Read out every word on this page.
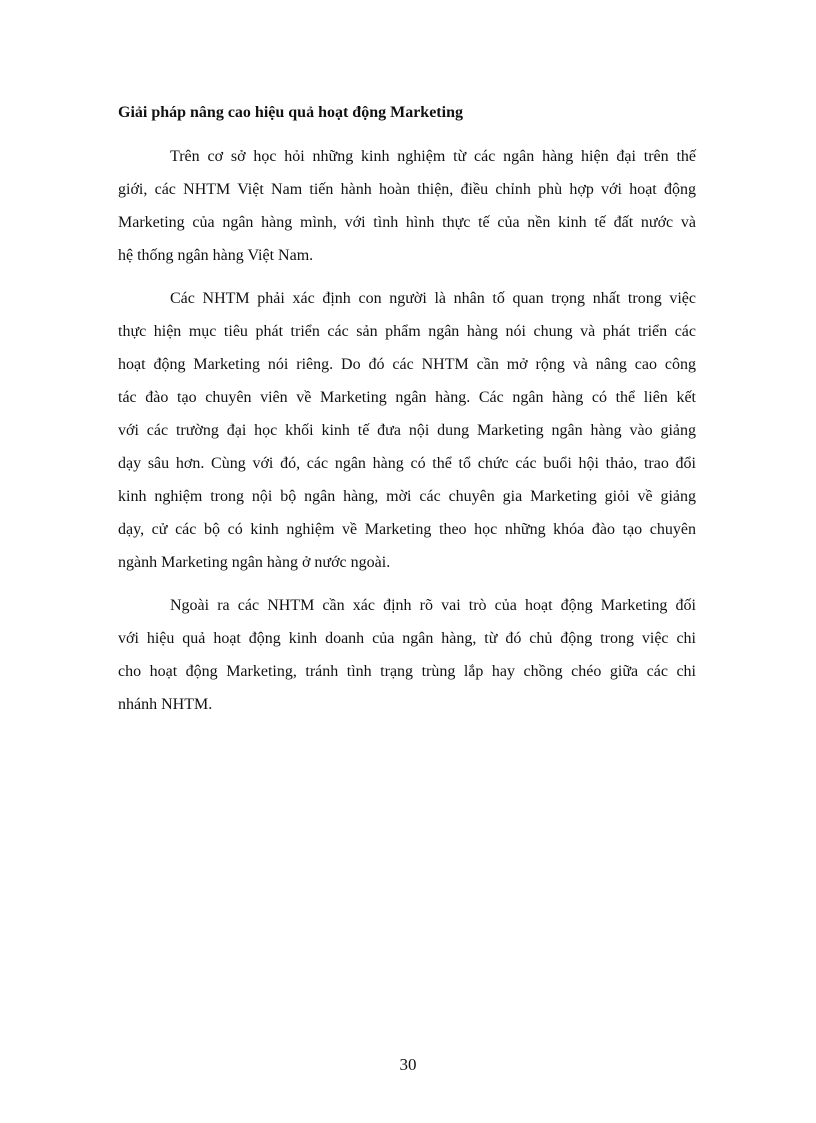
Giải pháp nâng cao hiệu quả hoạt động Marketing

Trên cơ sở học hỏi những kinh nghiệm từ các ngân hàng hiện đại trên thế
giới, các NHTM Việt Nam tiến hành hoàn thiện, điều chỉnh phù hợp với hoạt động
Marketing của ngân hàng mình, với tình hình thực tế của nền kinh tế đất nước và
hệ thống ngân hàng Việt Nam.

Các NHTM phải xác định con người là nhân tố quan trọng nhất trong việc
thực hiện mục tiêu phát triển các sản phẩm ngân hàng nói chung và phát triển các
hoạt động Marketing nói riêng. Do đó các NHTM cần mở rộng và nâng cao công
tác đào tạo chuyên viên về Marketing ngân hàng. Các ngân hàng có thể liên kết
với các trường đại học khối kinh tế đưa nội dung Marketing ngân hàng vào giảng
dạy sâu hơn. Cùng với đó, các ngân hàng có thể tổ chức các buổi hội thảo, trao đổi
kinh nghiệm trong nội bộ ngân hàng, mời các chuyên gia Marketing giỏi về giảng
dạy, cử các bộ có kinh nghiệm về Marketing theo học những khóa đào tạo chuyên
ngành Marketing ngân hàng ở nước ngoài.

Ngoài ra các NHTM cần xác định rõ vai trò của hoạt động Marketing đối
với hiệu quả hoạt động kinh doanh của ngân hàng, từ đó chủ động trong việc chi
cho hoạt động Marketing, tránh tình trạng trùng lắp hay chồng chéo giữa các chi
nhánh NHTM.

30
